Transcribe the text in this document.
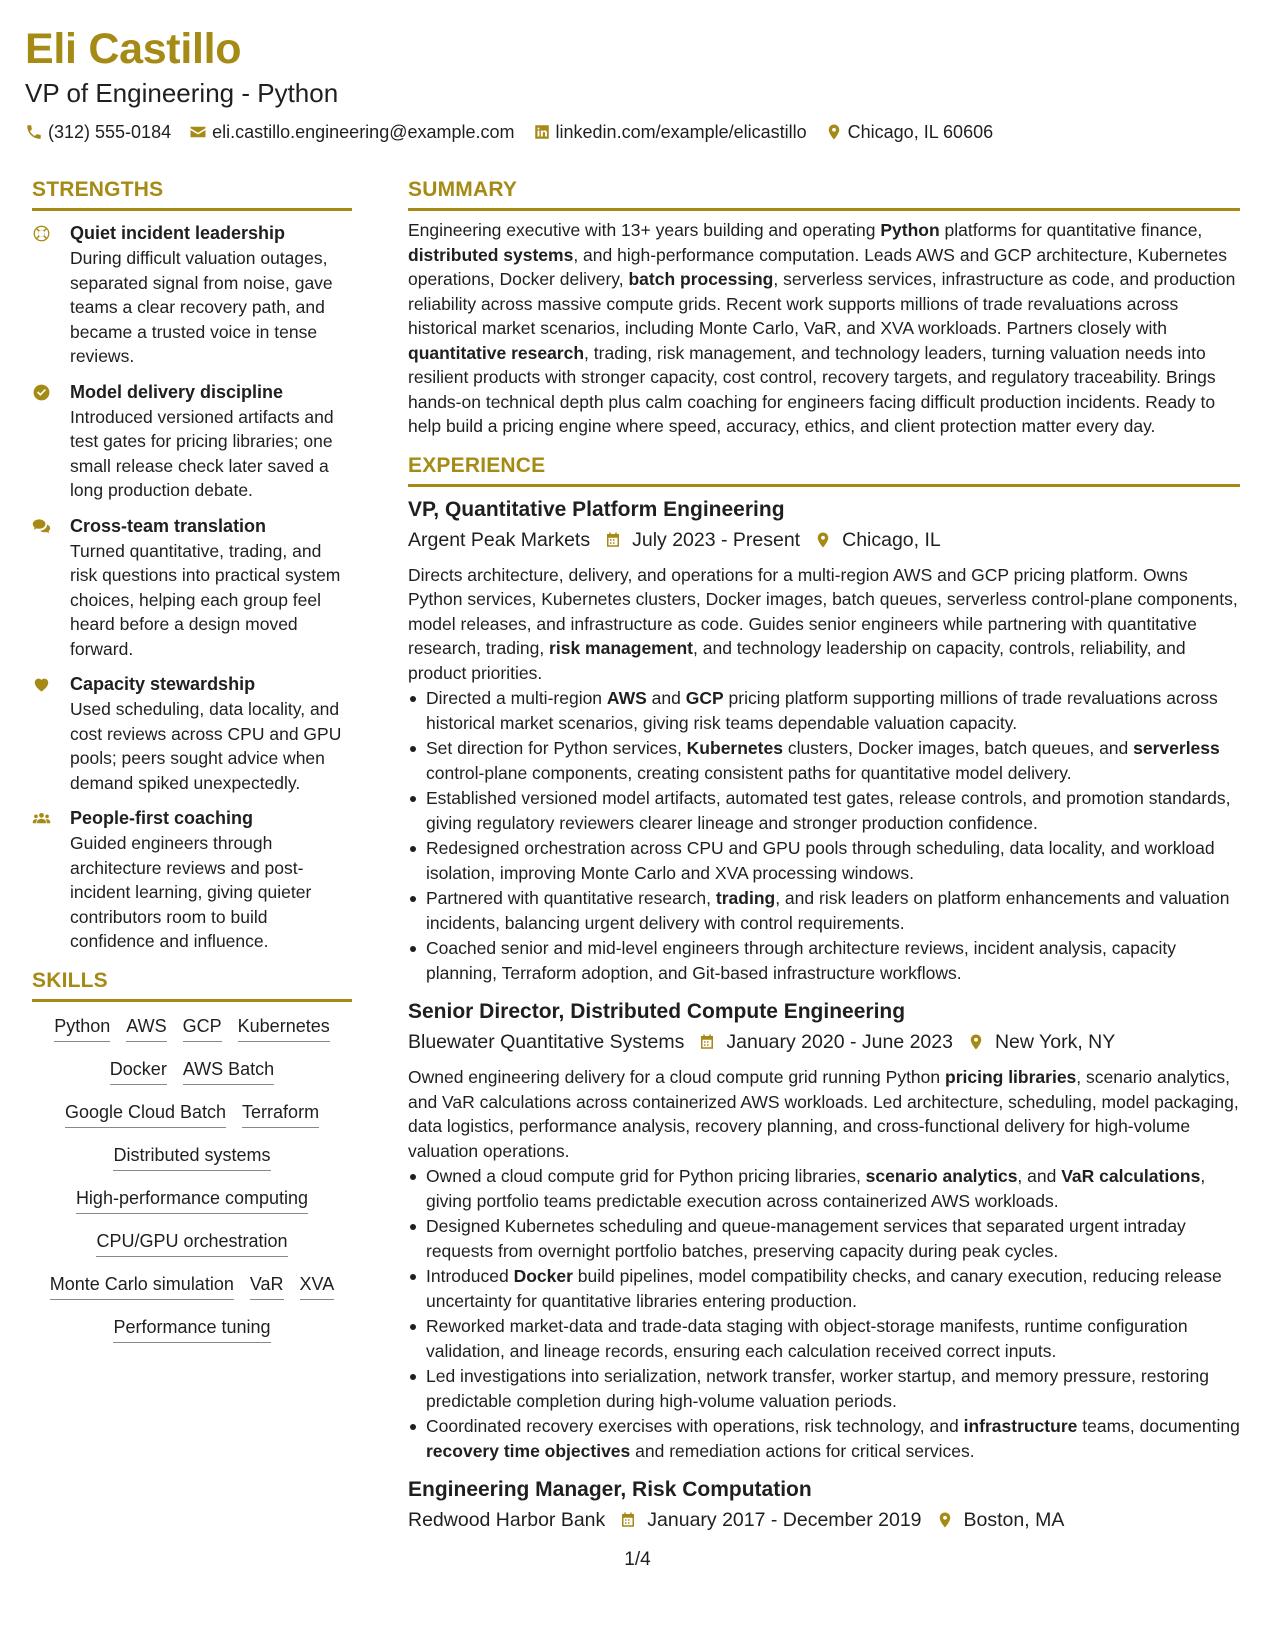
Eli Castillo
VP of Engineering - Python
(312) 555-0184 eli.castillo.engineering@example.com linkedin.com/example/elicastillo Chicago, IL 60606
STRENGTHS
Quiet incident leadership
During difficult valuation outages, separated signal from noise, gave teams a clear recovery path, and became a trusted voice in tense reviews.
Model delivery discipline
Introduced versioned artifacts and test gates for pricing libraries; one small release check later saved a long production debate.
Cross-team translation
Turned quantitative, trading, and risk questions into practical system choices, helping each group feel heard before a design moved forward.
Capacity stewardship
Used scheduling, data locality, and cost reviews across CPU and GPU pools; peers sought advice when demand spiked unexpectedly.
People-first coaching
Guided engineers through architecture reviews and post-incident learning, giving quieter contributors room to build confidence and influence.
SKILLS
Python AWS GCP Kubernetes
Docker AWS Batch
Google Cloud Batch Terraform
Distributed systems
High-performance computing
CPU/GPU orchestration
Monte Carlo simulation VaR XVA
Performance tuning
SUMMARY

Engineering executive with 13+ years building and operating Python platforms for quantitative finance, distributed systems, and high-performance computation. Leads AWS and GCP architecture, Kubernetes operations, Docker delivery, batch processing, serverless services, infrastructure as code, and production reliability across massive compute grids. Recent work supports millions of trade revaluations across historical market scenarios, including Monte Carlo, VaR, and XVA workloads. Partners closely with quantitative research, trading, risk management, and technology leaders, turning valuation needs into resilient products with stronger capacity, cost control, recovery targets, and regulatory traceability. Brings hands-on technical depth plus calm coaching for engineers facing difficult production incidents. Ready to help build a pricing engine where speed, accuracy, ethics, and client protection matter every day.

EXPERIENCE
VP, Quantitative Platform Engineering
Argent Peak Markets July 2023 - Present Chicago, IL

Directs architecture, delivery, and operations for a multi-region AWS and GCP pricing platform. Owns Python services, Kubernetes clusters, Docker images, batch queues, serverless control-plane components, model releases, and infrastructure as code. Guides senior engineers while partnering with quantitative research, trading, risk management, and technology leadership on capacity, controls, reliability, and product priorities.

Directed a multi-region AWS and GCP pricing platform supporting millions of trade revaluations across historical market scenarios, giving risk teams dependable valuation capacity.
Set direction for Python services, Kubernetes clusters, Docker images, batch queues, and serverless control-plane components, creating consistent paths for quantitative model delivery.
Established versioned model artifacts, automated test gates, release controls, and promotion standards, giving regulatory reviewers clearer lineage and stronger production confidence.
Redesigned orchestration across CPU and GPU pools through scheduling, data locality, and workload isolation, improving Monte Carlo and XVA processing windows.
Partnered with quantitative research, trading, and risk leaders on platform enhancements and valuation incidents, balancing urgent delivery with control requirements.
Coached senior and mid-level engineers through architecture reviews, incident analysis, capacity planning, Terraform adoption, and Git-based infrastructure workflows.
Senior Director, Distributed Compute Engineering
Bluewater Quantitative Systems January 2020 - June 2023 New York, NY

Owned engineering delivery for a cloud compute grid running Python pricing libraries, scenario analytics, and VaR calculations across containerized AWS workloads. Led architecture, scheduling, model packaging, data logistics, performance analysis, recovery planning, and cross-functional delivery for high-volume valuation operations.

Owned a cloud compute grid for Python pricing libraries, scenario analytics, and VaR calculations, giving portfolio teams predictable execution across containerized AWS workloads.
Designed Kubernetes scheduling and queue-management services that separated urgent intraday requests from overnight portfolio batches, preserving capacity during peak cycles.
Introduced Docker build pipelines, model compatibility checks, and canary execution, reducing release uncertainty for quantitative libraries entering production.
Reworked market-data and trade-data staging with object-storage manifests, runtime configuration validation, and lineage records, ensuring each calculation received correct inputs.
Led investigations into serialization, network transfer, worker startup, and memory pressure, restoring predictable completion during high-volume valuation periods.
Coordinated recovery exercises with operations, risk technology, and infrastructure teams, documenting recovery time objectives and remediation actions for critical services.
Engineering Manager, Risk Computation
Redwood Harbor Bank January 2017 - December 2019 Boston, MA
1/4
